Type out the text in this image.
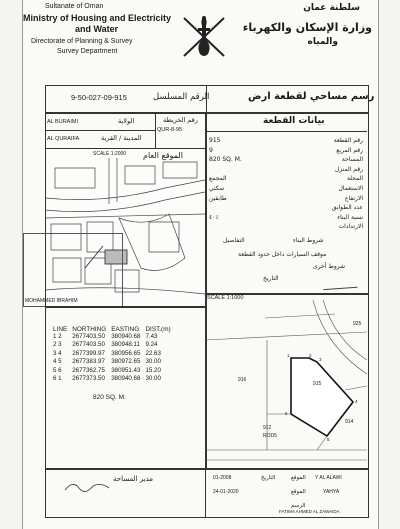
Sultanate of Oman
Ministry of Housing and Electricity
and Water
Directorate of Planning & Survey
Survey Department
سلطنة عمان
وزارة الإسكان والكهرباء
والمياه
9-50-027-09-915	الرقم المسلسل	رسم مساحي لقطعة ارض
AL BURAIMI	الولاية
AL QURAIFA	المدينة / القرية
رقم الخريطة
QUR-8-95
الموقع العام
SCALE 1:2000
MOHAMMED IBRAHIM
بيانات القطعة
915	رقم القطعة
9	رقم المربع
820 SQ. M.	المساحة
رقم المنزل
المجمع	المحلة
سكني	الاستعمال
طابقين	الارتفاع
عدد الطوابق
٤٠٪	نسبة البناء
الارتدادات
شروط البناء
التفاصيل
موقف السيارات داخل حدود القطعة
شروط أخرى
التاريخ
LINE	NORTHING	EASTING	DIST.(m)
1 2	2677403.50	380940.68	7.43
2 3	2677403.50	380948.11	9.24
3 4	2677399.97	380956.65	22.63
4 5	2677383.97	380972.65	30.00
5 6	2677362.75	380951.43	15.20
6 1	2677373.50	380940.68	30.00
820 SQ. M.
SCALE 1:1000
915
916
914
925
912
ROD5
1	2
3
4
5
6
مدير المساحة	01-2008
24-01-2020
التاريخ	الموقع
الموقع
الرسم
Y AL ALAWI
YAHYA
FATIMA AHMED AL ZAWAIDA
